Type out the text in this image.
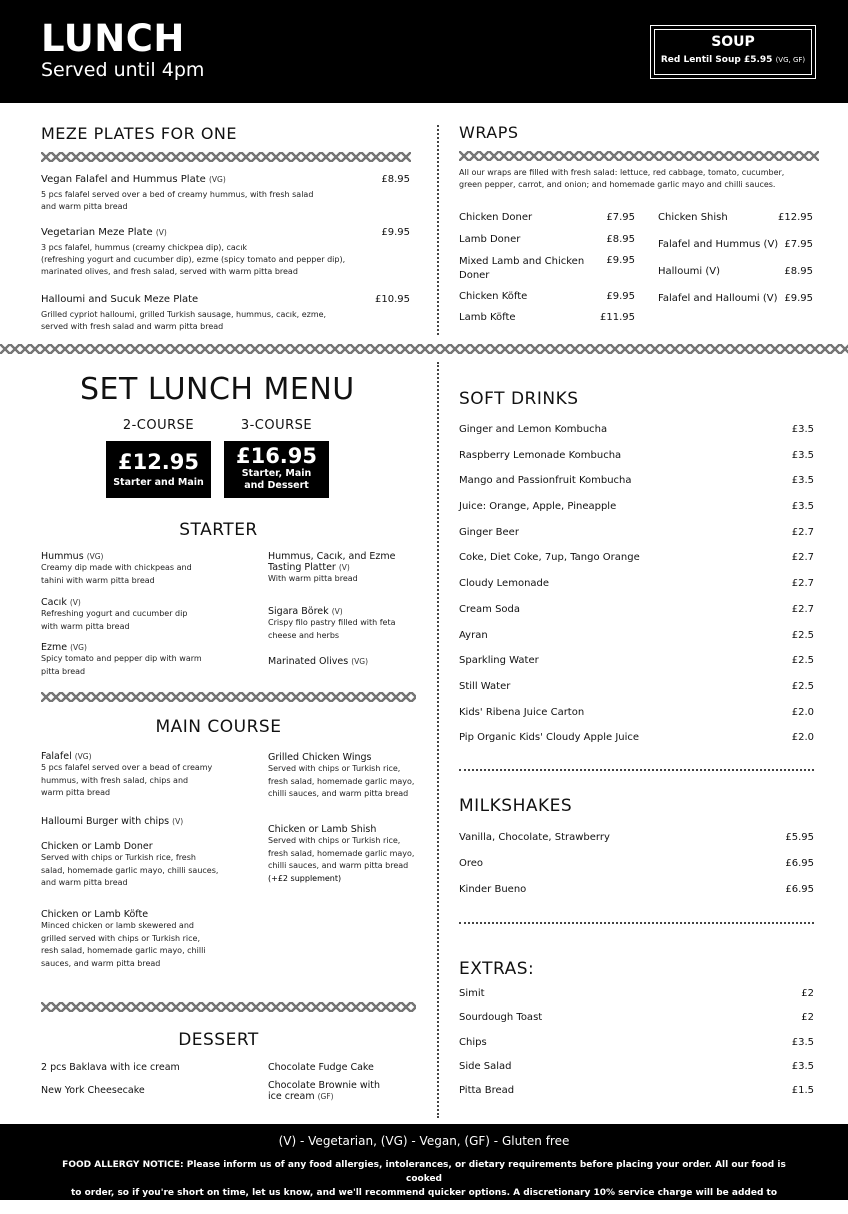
LUNCH
Served until 4pm
SOUP
Red Lentil Soup £5.95 (VG, GF)
MEZE PLATES FOR ONE
Vegan Falafel and Hummus Plate (VG)	£8.95
5 pcs falafel served over a bed of creamy hummus, with fresh salad
and warm pitta bread
Vegetarian Meze Plate (V)	£9.95
3 pcs falafel, hummus (creamy chickpea dip), cacık
(refreshing yogurt and cucumber dip), ezme (spicy tomato and pepper dip),
marinated olives, and fresh salad, served with warm pitta bread
Halloumi and Sucuk Meze Plate	£10.95
Grilled cypriot halloumi, grilled Turkish sausage, hummus, cacık, ezme,
served with fresh salad and warm pitta bread
WRAPS
All our wraps are filled with fresh salad: lettuce, red cabbage, tomato, cucumber,
green pepper, carrot, and onion; and homemade garlic mayo and chilli sauces.
Chicken Doner	£7.95
Lamb Doner	£8.95
Mixed Lamb and Chicken
Doner
£9.95
Chicken Köfte	£9.95
Lamb Köfte	£11.95
Chicken Shish	£12.95
Falafel and Hummus (V) £7.95
Halloumi (V)	£8.95
Falafel and Halloumi (V) £9.95
SET LUNCH MENU
2-COURSE
£12.95
Starter and Main
3-COURSE
£16.95
Starter, Main
and Dessert
STARTER
Hummus (VG)
Creamy dip made with chickpeas and
tahini with warm pitta bread
Cacık (V)
Refreshing yogurt and cucumber dip
with warm pitta bread
Ezme (VG)
Spicy tomato and pepper dip with warm
pitta bread
Hummus, Cacık, and Ezme
Tasting Platter (V)
With warm pitta bread
Sigara Börek (V)
Crispy filo pastry filled with feta
cheese and herbs
Marinated Olives (VG)
MAIN COURSE
Falafel (VG)
5 pcs falafel served over a bead of creamy
hummus, with fresh salad, chips and
warm pitta bread
Halloumi Burger with chips (V)
Chicken or Lamb Doner
Served with chips or Turkish rice, fresh
salad, homemade garlic mayo, chilli sauces,
and warm pitta bread
Chicken or Lamb Köfte
Minced chicken or lamb skewered and
grilled served with chips or Turkish rice,
resh salad, homemade garlic mayo, chilli
sauces, and warm pitta bread
Grilled Chicken Wings
Served with chips or Turkish rice,
fresh salad, homemade garlic mayo,
chilli sauces, and warm pitta bread
Chicken or Lamb Shish
Served with chips or Turkish rice,
fresh salad, homemade garlic mayo,
chilli sauces, and warm pitta bread
(+£2 supplement)
DESSERT
2 pcs Baklava with ice cream
New York Cheesecake
Chocolate Fudge Cake
Chocolate Brownie with
ice cream (GF)
SOFT DRINKS
Ginger and Lemon Kombucha	£3.5
Raspberry Lemonade Kombucha	£3.5
Mango and Passionfruit Kombucha	£3.5
Juice: Orange, Apple, Pineapple	£3.5
Ginger Beer	£2.7
Coke, Diet Coke, 7up, Tango Orange	£2.7
Cloudy Lemonade	£2.7
Cream Soda	£2.7
Ayran	£2.5
Sparkling Water	£2.5
Still Water	£2.5
Kids' Ribena Juice Carton	£2.0
Pip Organic Kids' Cloudy Apple Juice	£2.0
MILKSHAKES
Vanilla, Chocolate, Strawberry	£5.95
Oreo	£6.95
Kinder Bueno	£6.95
EXTRAS:
Simit	£2
Sourdough Toast	£2
Chips	£3.5
Side Salad	£3.5
Pitta Bread	£1.5
(V) - Vegetarian, (VG) - Vegan, (GF) - Gluten free
FOOD ALLERGY NOTICE: Please inform us of any food allergies, intolerances, or dietary requirements before placing your order. All our food is cooked
to order, so if you're short on time, let us know, and we'll recommend quicker options. A discretionary 10% service charge will be added to your bill.
